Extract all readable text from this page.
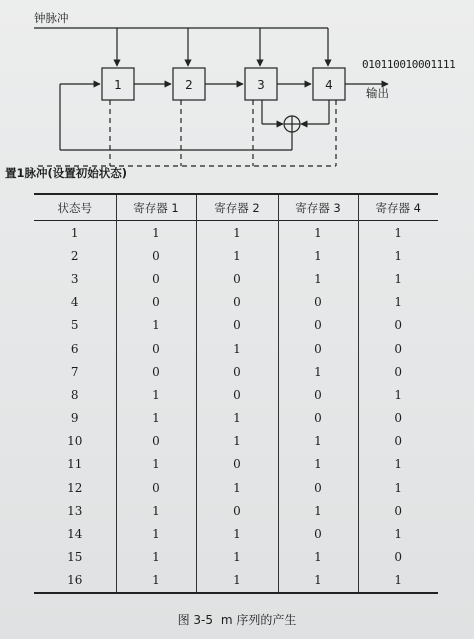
1	2	3	4
钟脉冲
010110010001111
输出
置1脉冲(设置初始状态)
状态号	寄存器 1	寄存器 2	寄存器 3	寄存器 4
1	1	1	1	1
2	0	1	1	1
3	0	0	1	1
4	0	0	0	1
5	1	0	0	0
6	0	1	0	0
7	0	0	1	0
8	1	0	0	1
9	1	1	0	0
10	0	1	1	0
11	1	0	1	1
12	0	1	0	1
13	1	0	1	0
14	1	1	0	1
15	1	1	1	0
16	1	1	1	1
图 3-5 m 序列的产生
